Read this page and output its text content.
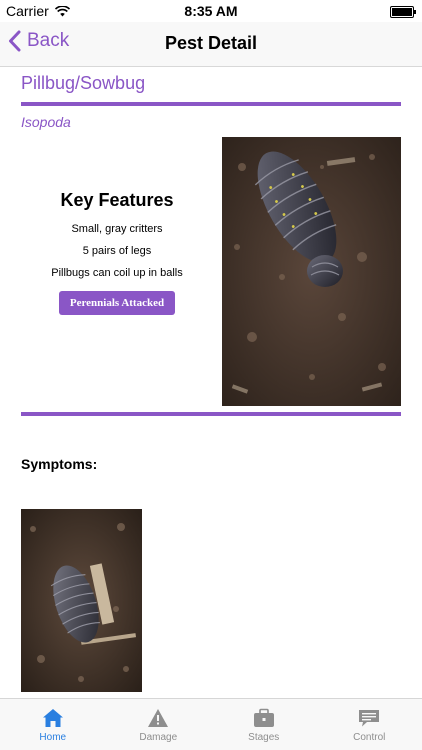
Carrier	8:35 AM
Back	Pest Detail
Pillbug/Sowbug
Isopoda
Key Features
Small, gray critters
5 pairs of legs
Pillbugs can coil up in balls
Perennials Attacked
Symptoms:
Home	Damage	Stages	Control
